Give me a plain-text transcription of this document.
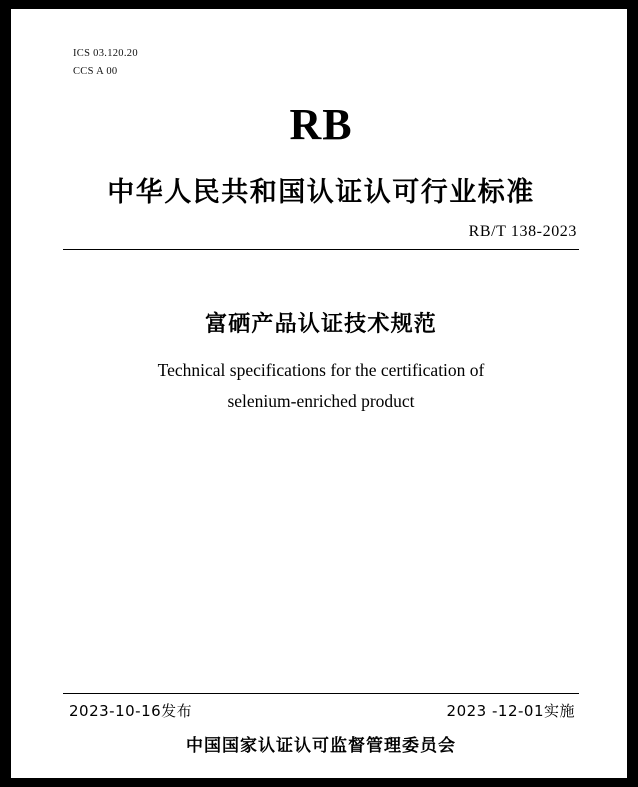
ICS 03.120.20
CCS A 00
RB
中华人民共和国认证认可行业标准
RB/T 138-2023
富硒产品认证技术规范
Technical specifications for the certification of
selenium-enriched product
2023-10-16发布	2023 -12-01实施
中国国家认证认可监督管理委员会
